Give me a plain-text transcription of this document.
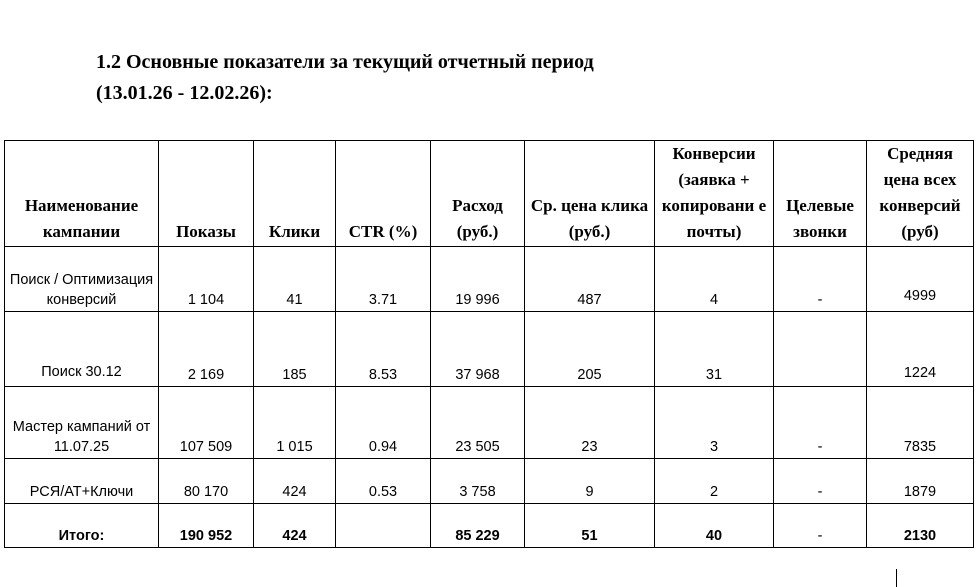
1.2 Основные показатели за текущий отчетный период
(13.01.26 - 12.02.26):
Наименование кампании	Показы	Клики	CTR (%)	Расход (руб.)	Ср. цена клика (руб.)	Конверсии (заявка + копировани е почты)	Целевые звонки	Средняя цена всех конверсий (руб)
Поиск / Оптимизация конверсий	1 104	41	3.71	19 996	487	4	-	4999
Поиск 30.12	2 169	185	8.53	37 968	205	31		1224
Мастер кампаний от 11.07.25	107 509	1 015	0.94	23 505	23	3	-	7835
РСЯ/АТ+Ключи	80 170	424	0.53	3 758	9	2	-	1879
Итого:	190 952	424		85 229	51	40	-	2130
